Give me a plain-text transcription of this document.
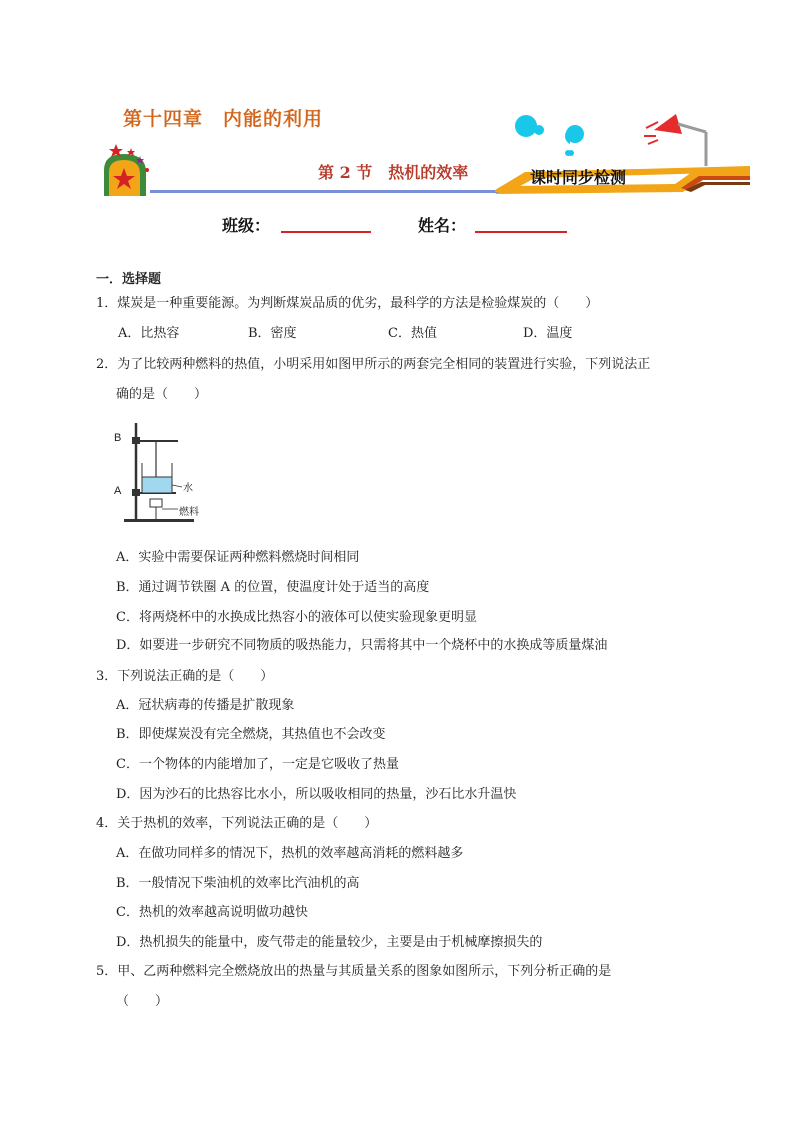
第十四章　内能的利用
第 2 节　热机的效率	课时同步检测
班级：	姓名：
一．选择题
1．煤炭是一种重要能源。为判断煤炭品质的优劣，最科学的方法是检验煤炭的（　　）
A．比热容	B．密度	C．热值	D．温度
2．为了比较两种燃料的热值，小明采用如图甲所示的两套完全相同的装置进行实验，下列说法正
确的是（　　）
B
A	水
燃料
A．实验中需要保证两种燃料燃烧时间相同
B．通过调节铁圈 A 的位置，使温度计处于适当的高度
C．将两烧杯中的水换成比热容小的液体可以使实验现象更明显
D．如要进一步研究不同物质的吸热能力，只需将其中一个烧杯中的水换成等质量煤油
3．下列说法正确的是（　　）
A．冠状病毒的传播是扩散现象
B．即使煤炭没有完全燃烧，其热值也不会改变
C．一个物体的内能增加了，一定是它吸收了热量
D．因为沙石的比热容比水小，所以吸收相同的热量，沙石比水升温快
4．关于热机的效率，下列说法正确的是（　　）
A．在做功同样多的情况下，热机的效率越高消耗的燃料越多
B．一般情况下柴油机的效率比汽油机的高
C．热机的效率越高说明做功越快
D．热机损失的能量中，废气带走的能量较少，主要是由于机械摩擦损失的
5．甲、乙两种燃料完全燃烧放出的热量与其质量关系的图象如图所示，下列分析正确的是
（　　）
